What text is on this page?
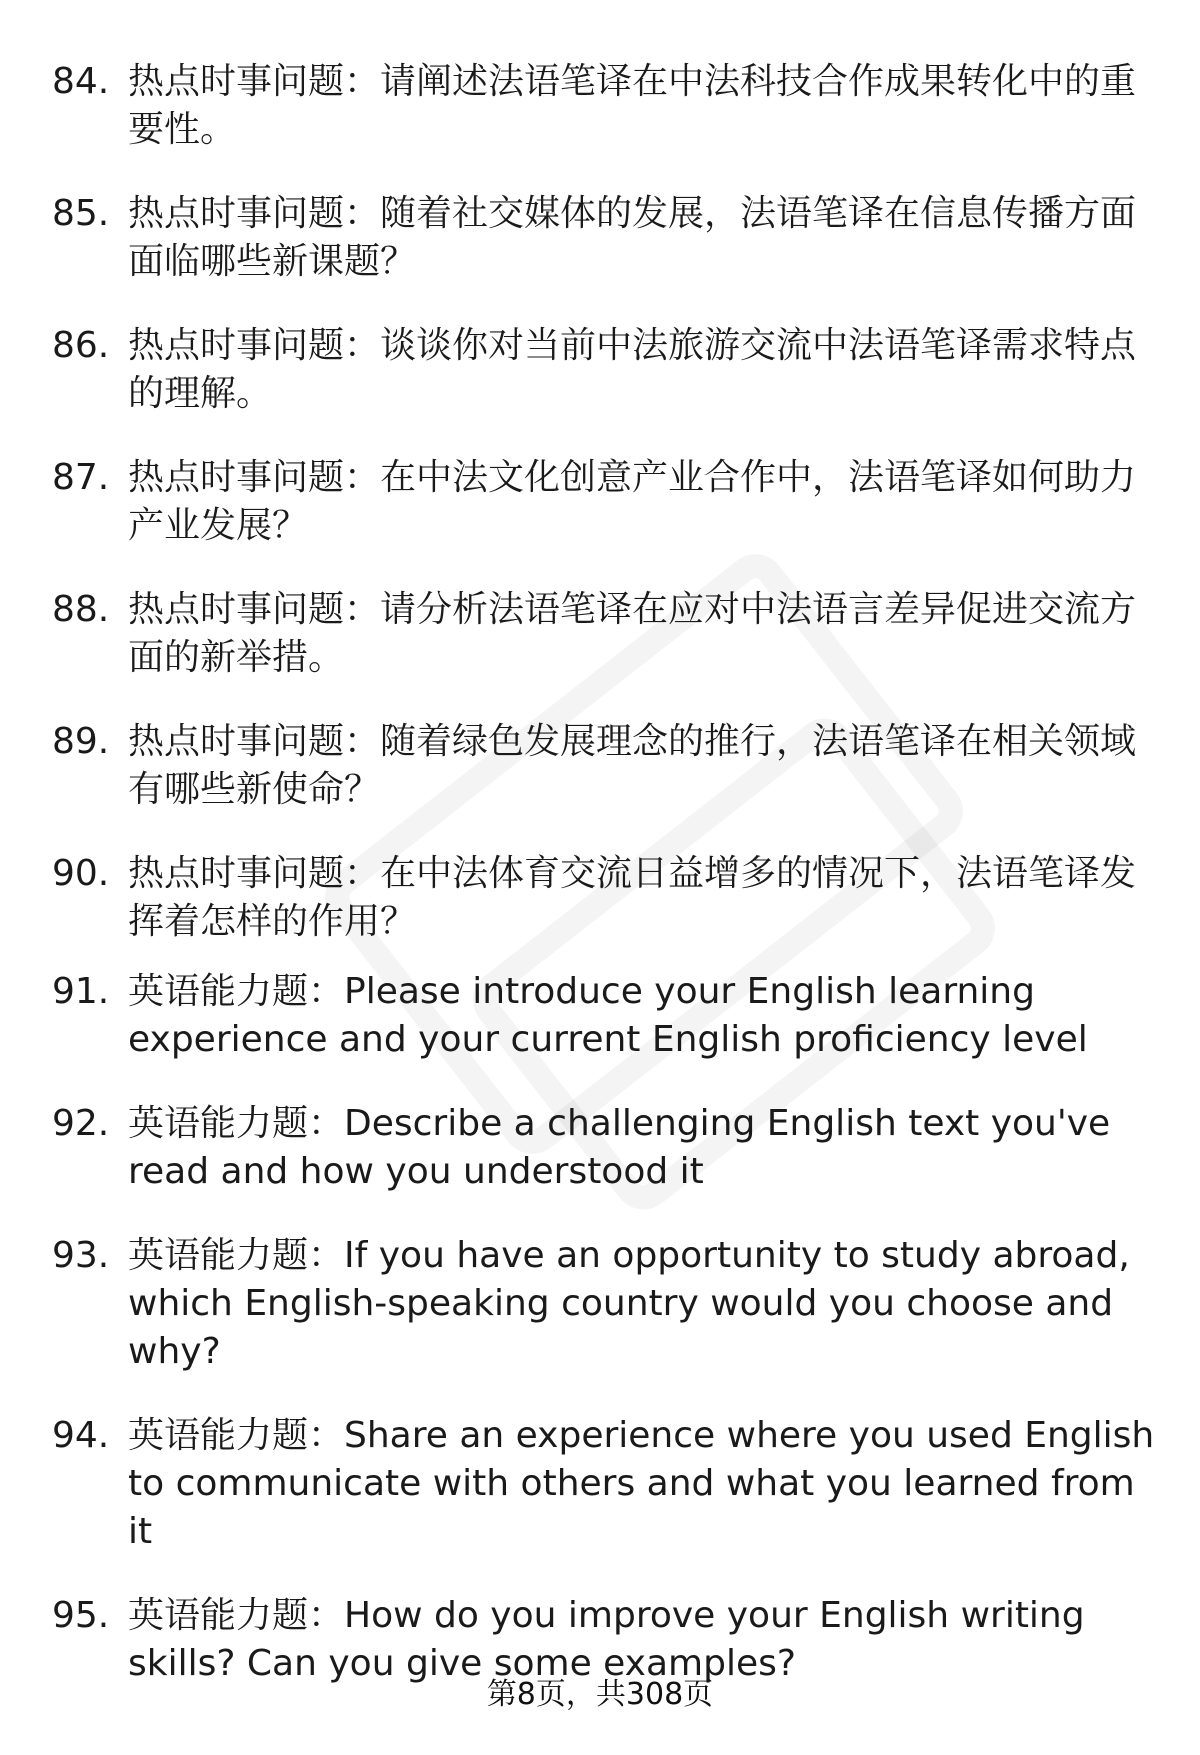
84. 热点时事问题：请阐述法语笔译在中法科技合作成果转化中的重要性。
85. 热点时事问题：随着社交媒体的发展，法语笔译在信息传播方面面临哪些新课题？
86. 热点时事问题：谈谈你对当前中法旅游交流中法语笔译需求特点的理解。
87. 热点时事问题：在中法文化创意产业合作中，法语笔译如何助力产业发展？
88. 热点时事问题：请分析法语笔译在应对中法语言差异促进交流方面的新举措。
89. 热点时事问题：随着绿色发展理念的推行，法语笔译在相关领域有哪些新使命？
90. 热点时事问题：在中法体育交流日益增多的情况下，法语笔译发挥着怎样的作用？
91. 英语能力题：Please introduce your English learning experience and your current English proficiency level
92. 英语能力题：Describe a challenging English text you've read and how you understood it
93. 英语能力题：If you have an opportunity to study abroad, which English-speaking country would you choose and why?
94. 英语能力题：Share an experience where you used English to communicate with others and what you learned from it
95. 英语能力题：How do you improve your English writing skills? Can you give some examples?
第8页，共308页
